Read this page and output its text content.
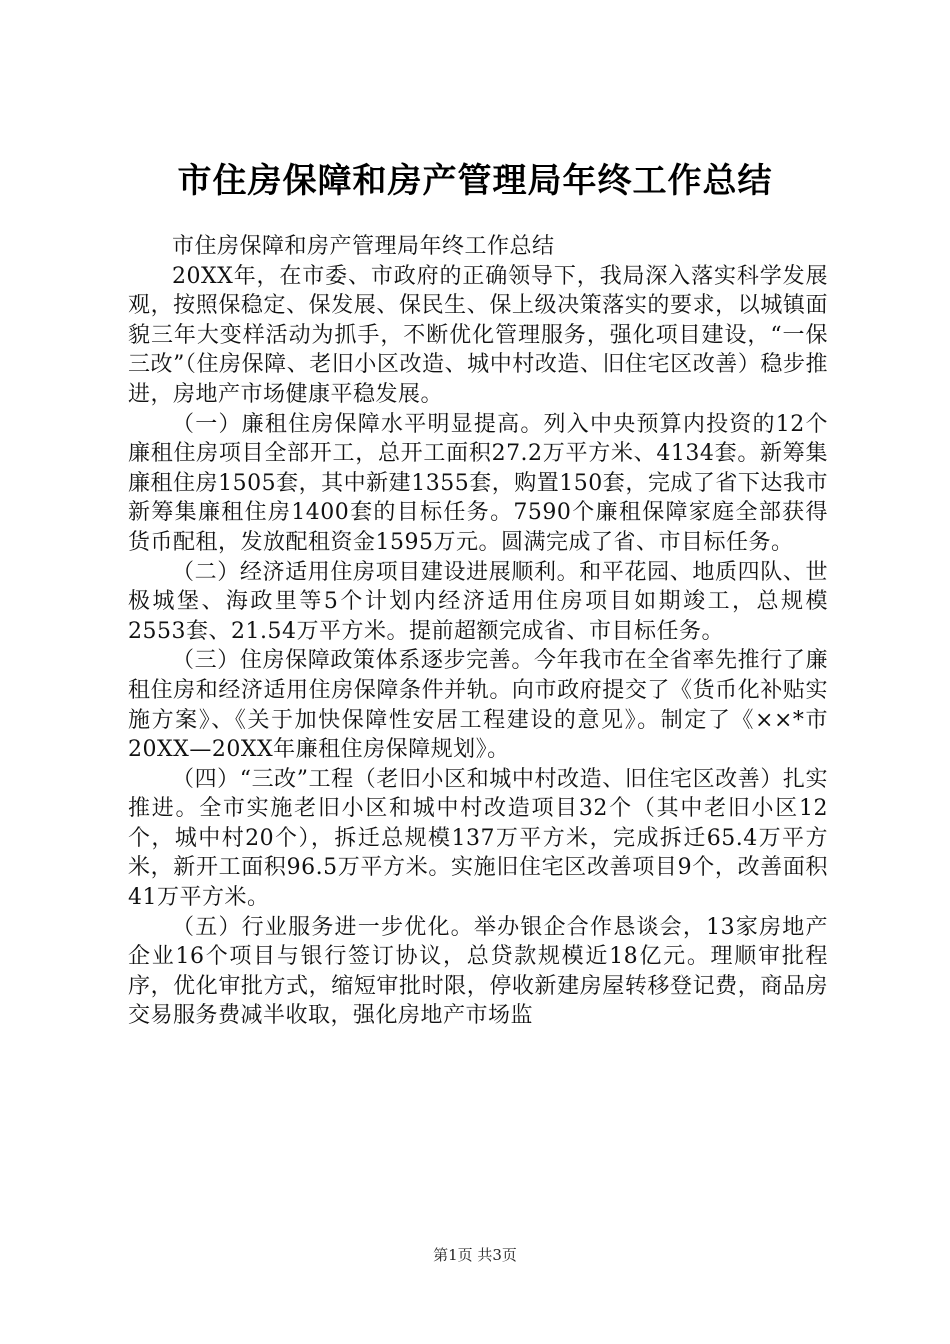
市住房保障和房产管理局年终工作总结

市住房保障和房产管理局年终工作总结

20XX年，在市委、市政府的正确领导下，我局深入落实科学发展观，按照保稳定、保发展、保民生、保上级决策落实的要求，以城镇面貌三年大变样活动为抓手，不断优化管理服务，强化项目建设，“一保三改”（住房保障、老旧小区改造、城中村改造、旧住宅区改善）稳步推进，房地产市场健康平稳发展。

（一）廉租住房保障水平明显提高。列入中央预算内投资的12个廉租住房项目全部开工，总开工面积27.2万平方米、4134套。新筹集廉租住房1505套，其中新建1355套，购置150套，完成了省下达我市新筹集廉租住房1400套的目标任务。7590个廉租保障家庭全部获得货币配租，发放配租资金1595万元。圆满完成了省、市目标任务。

（二）经济适用住房项目建设进展顺利。和平花园、地质四队、世极城堡、海政里等5个计划内经济适用住房项目如期竣工，总规模2553套、21.54万平方米。提前超额完成省、市目标任务。

（三）住房保障政策体系逐步完善。今年我市在全省率先推行了廉租住房和经济适用住房保障条件并轨。向市政府提交了《货币化补贴实施方案》、《关于加快保障性安居工程建设的意见》。制定了《××*市20XX—20XX年廉租住房保障规划》。

（四）“三改”工程（老旧小区和城中村改造、旧住宅区改善）扎实推进。全市实施老旧小区和城中村改造项目32个（其中老旧小区12个，城中村20个），拆迁总规模137万平方米，完成拆迁65.4万平方米，新开工面积96.5万平方米。实施旧住宅区改善项目9个，改善面积41万平方米。

（五）行业服务进一步优化。举办银企合作恳谈会，13家房地产企业16个项目与银行签订协议，总贷款规模近18亿元。理顺审批程序，优化审批方式，缩短审批时限，停收新建房屋转移登记费，商品房交易服务费减半收取，强化房地产市场监

第1页 共3页
